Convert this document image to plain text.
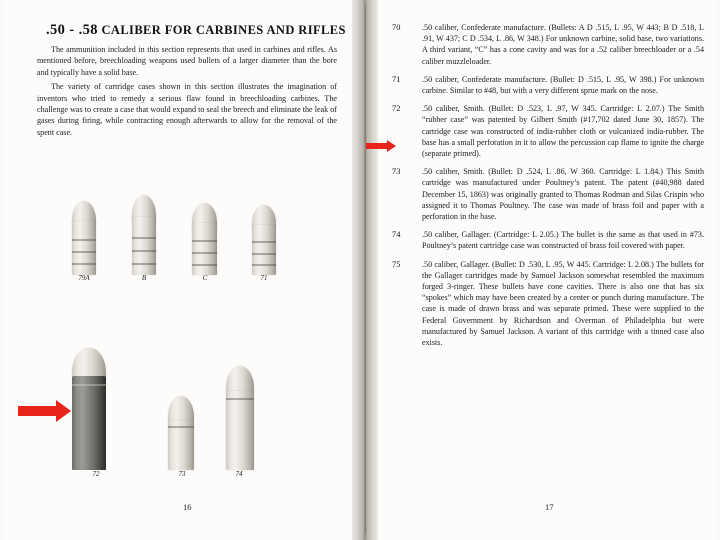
.50 - .58 CALIBER FOR CARBINES AND RIFLES

The ammunition included in this section represents that used in carbines and rifles. As mentioned before, breechloading weapons used bullets of a larger diameter than the bore and typically have a solid base.

The variety of cartridge cases shown in this section illustrates the imagination of inventors who tried to remedy a serious flaw found in breechloading carbines. The challenge was to create a case that would expand to seal the breech and eliminate the leak of gases during firing, while contracting enough afterwards to allow for the removal of the spent case.

79A	B	C	71
72	73	74
16
70	.50 caliber, Confederate manufacture. (Bullets: A D .515, L .95, W 443; B D .518, L .91, W 437; C D .534, L .86, W 348.) For unknown carbine, solid base, two variations. A third variant, “C” has a cone cavity and was for a .52 caliber breechloader or a .54 caliber muzzleloader.
71	.50 caliber, Confederate manufacture. (Bullet: D .515, L .95, W 398.) For unknown carbine. Similar to #48, but with a very different sprue mark on the nose.
72	.50 caliber, Smith. (Bullet: D .523, L .97, W 345. Cartridge: L 2.07.) The Smith “rubber case” was patented by Gilbert Smith (#17,702 dated June 30, 1857). The cartridge case was constructed of india-rubber cloth or vulcanized india-rubber. The base has a small perforation in it to allow the percussion cap flame to ignite the charge (separate primed).
73	.50 caliber, Smith. (Bullet: D .524, L .86, W 360. Cartridge: L 1.84.) This Smith cartridge was manufactured under Poultney’s patent. The patent (#40,988 dated December 15, 1863) was originally granted to Thomas Rodman and Silas Crispin who assigned it to Thomas Poultney. The case was made of brass foil and paper with a perforation in the base.
74	.50 caliber, Gallager. (Cartridge: L 2.05.) The bullet is the same as that used in #73. Poultney’s patent cartridge case was constructed of brass foil covered with paper.
75	.50 caliber, Gallager. (Bullet: D .530, L .95, W 445. Cartridge: L 2.08.) The bullets for the Gallager cartridges made by Samuel Jackson somewhat resembled the maximum forged 3-ringer. These bullets have cone cavities. There is also one that has six “spokes” which may have been created by a center or punch during manufacture. The case is made of drawn brass and was separate primed. These were supplied to the Federal Government by Richardson and Overman of Philadelphia but were manufactured by Samuel Jackson. A variant of this cartridge with a tinned case also exists.
17
